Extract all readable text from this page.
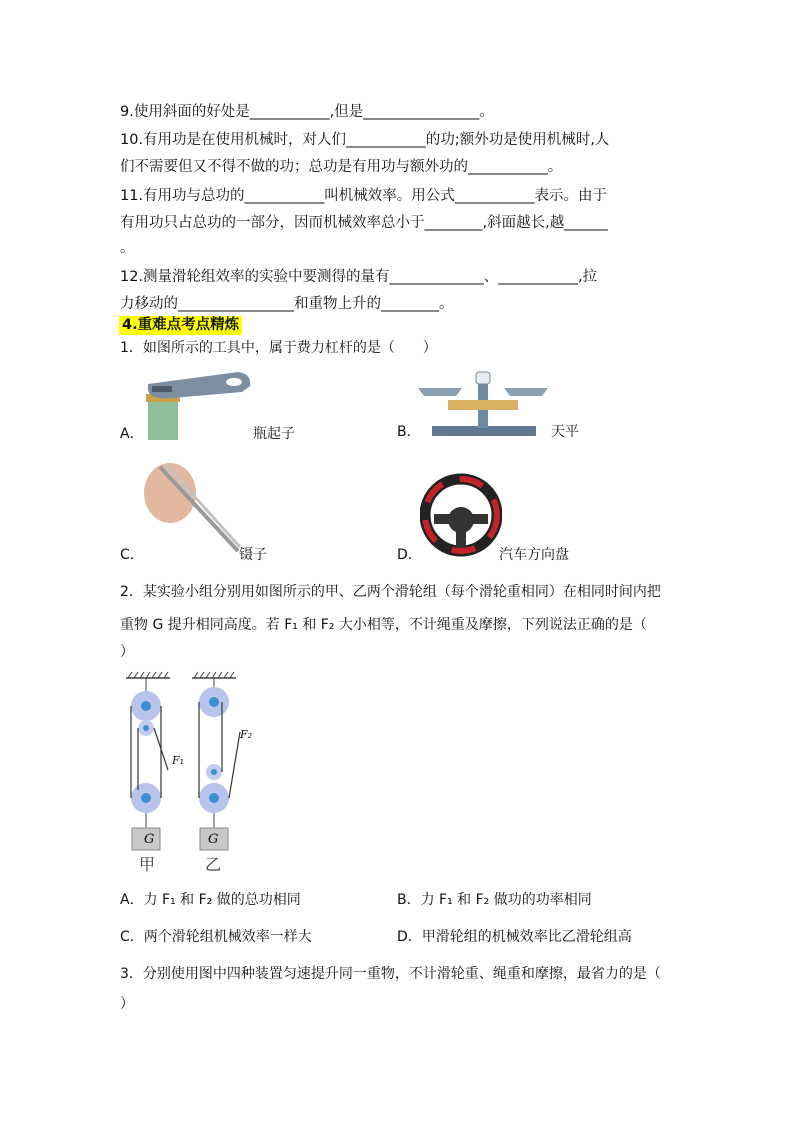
9.使用斜面的好处是___________,但是________________。
10.有用功是在使用机械时，对人们___________的功;额外功是使用机械时,人
们不需要但又不得不做的功；总功是有用功与额外功的___________。
11.有用功与总功的___________叫机械效率。用公式___________表示。由于
有用功只占总功的一部分，因而机械效率总小于________,斜面越长,越______
。
12.测量滑轮组效率的实验中要测得的量有_____________、___________,拉
力移动的________________和重物上升的________。
4.重难点考点精炼
1．如图所示的工具中，属于费力杠杆的是（　　）
A．	瓶起子	B．	天平
C．	镊子	D．	汽车方向盘
2．某实验小组分别用如图所示的甲、乙两个滑轮组（每个滑轮重相同）在相同时间内把
重物 G 提升相同高度。若 F₁ 和 F₂ 大小相等，不计绳重及摩擦，下列说法正确的是（
）
G	G
F₁
F₂
甲	乙
A．力 F₁ 和 F₂ 做的总功相同	B．力 F₁ 和 F₂ 做功的功率相同
C．两个滑轮组机械效率一样大	D．甲滑轮组的机械效率比乙滑轮组高
3．分别使用图中四种装置匀速提升同一重物，不计滑轮重、绳重和摩擦，最省力的是（
）
